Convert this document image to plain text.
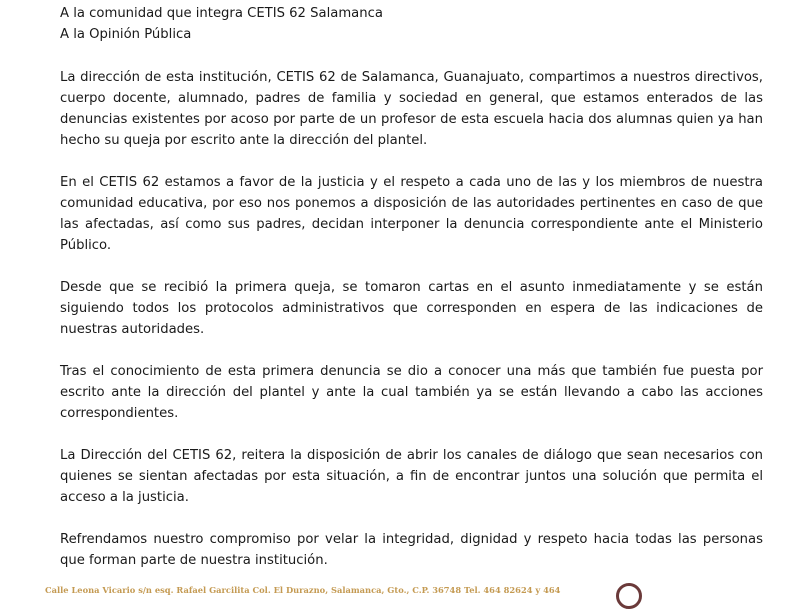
A la comunidad que integra CETIS 62 Salamanca

A la Opinión Pública

La dirección de esta institución, CETIS 62 de Salamanca, Guanajuato, compartimos a nuestros directivos, cuerpo docente, alumnado, padres de familia y sociedad en general, que estamos enterados de las denuncias existentes por acoso por parte de un profesor de esta escuela hacia dos alumnas quien ya han hecho su queja por escrito ante la dirección del plantel.

En el CETIS 62 estamos a favor de la justicia y el respeto a cada uno de las y los miembros de nuestra comunidad educativa, por eso nos ponemos a disposición de las autoridades pertinentes en caso de que las afectadas, así como sus padres, decidan interponer la denuncia correspondiente ante el Ministerio Público.

Desde que se recibió la primera queja, se tomaron cartas en el asunto inmediatamente y se están siguiendo todos los protocolos administrativos que corresponden en espera de las indicaciones de nuestras autoridades.

Tras el conocimiento de esta primera denuncia se dio a conocer una más que también fue puesta por escrito ante la dirección del plantel y ante la cual también ya se están llevando a cabo las acciones correspondientes.

La Dirección del CETIS 62, reitera la disposición de abrir los canales de diálogo que sean necesarios con quienes se sientan afectadas por esta situación, a fin de encontrar juntos una solución que permita el acceso a la justicia.

Refrendamos nuestro compromiso por velar la integridad, dignidad y respeto hacia todas las personas que forman parte de nuestra institución.

Calle Leona Vicario s/n esq. Rafael Garcilita Col. El Durazno, Salamanca, Gto., C.P. 36748 Tel. 464 82624 y 464
